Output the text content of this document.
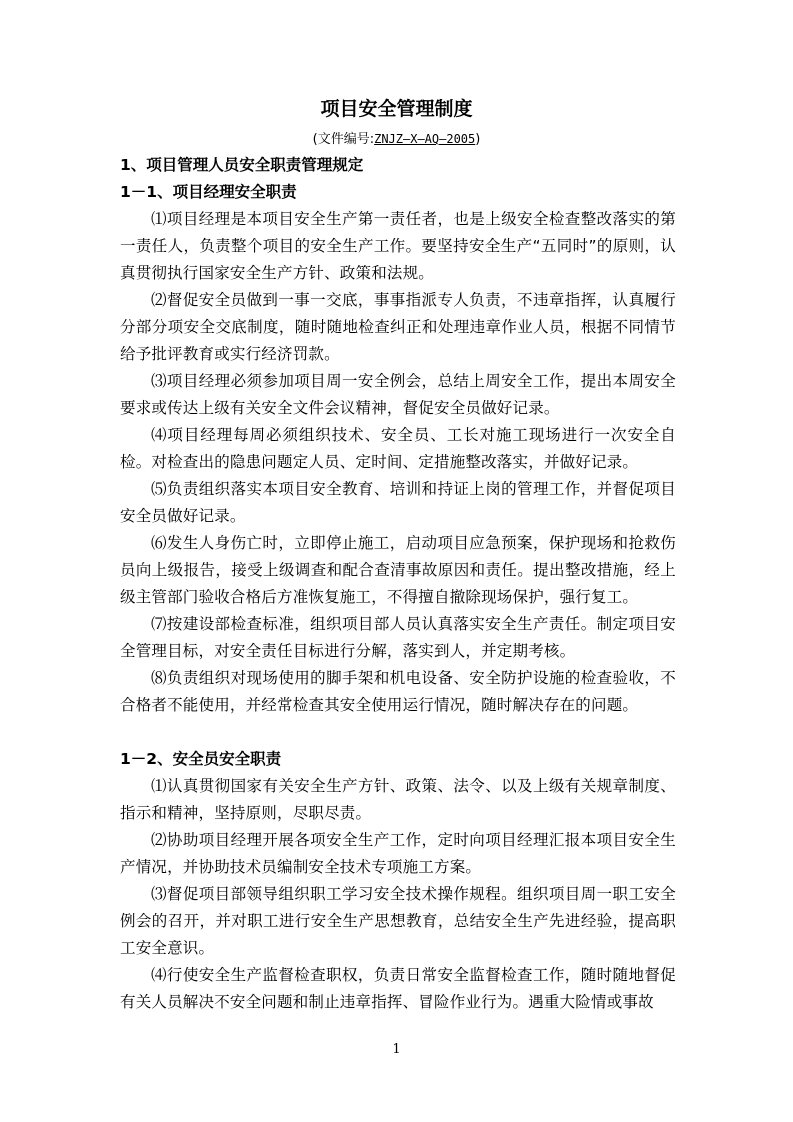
项目安全管理制度
(文件编号:ZNJZ—X—AQ—2005)
1、项目管理人员安全职责管理规定
1－1、项目经理安全职责

⑴项目经理是本项目安全生产第一责任者，也是上级安全检查整改落实的第一责任人，负责整个项目的安全生产工作。要坚持安全生产“五同时”的原则，认真贯彻执行国家安全生产方针、政策和法规。

⑵督促安全员做到一事一交底，事事指派专人负责，不违章指挥，认真履行分部分项安全交底制度，随时随地检查纠正和处理违章作业人员，根据不同情节给予批评教育或实行经济罚款。

⑶项目经理必须参加项目周一安全例会，总结上周安全工作，提出本周安全要求或传达上级有关安全文件会议精神，督促安全员做好记录。

⑷项目经理每周必须组织技术、安全员、工长对施工现场进行一次安全自检。对检查出的隐患问题定人员、定时间、定措施整改落实，并做好记录。

⑸负责组织落实本项目安全教育、培训和持证上岗的管理工作，并督促项目安全员做好记录。

⑹发生人身伤亡时，立即停止施工，启动项目应急预案，保护现场和抢救伤员向上级报告，接受上级调查和配合查清事故原因和责任。提出整改措施，经上级主管部门验收合格后方准恢复施工，不得擅自撤除现场保护，强行复工。

⑺按建设部检查标准，组织项目部人员认真落实安全生产责任。制定项目安全管理目标，对安全责任目标进行分解，落实到人，并定期考核。

⑻负责组织对现场使用的脚手架和机电设备、安全防护设施的检查验收，不合格者不能使用，并经常检查其安全使用运行情况，随时解决存在的问题。

1－2、安全员安全职责

⑴认真贯彻国家有关安全生产方针、政策、法令、以及上级有关规章制度、指示和精神，坚持原则，尽职尽责。

⑵协助项目经理开展各项安全生产工作，定时向项目经理汇报本项目安全生产情况，并协助技术员编制安全技术专项施工方案。

⑶督促项目部领导组织职工学习安全技术操作规程。组织项目周一职工安全例会的召开，并对职工进行安全生产思想教育，总结安全生产先进经验，提高职工安全意识。

⑷行使安全生产监督检查职权，负责日常安全监督检查工作，随时随地督促有关人员解决不安全问题和制止违章指挥、冒险作业行为。遇重大险情或事故

1
